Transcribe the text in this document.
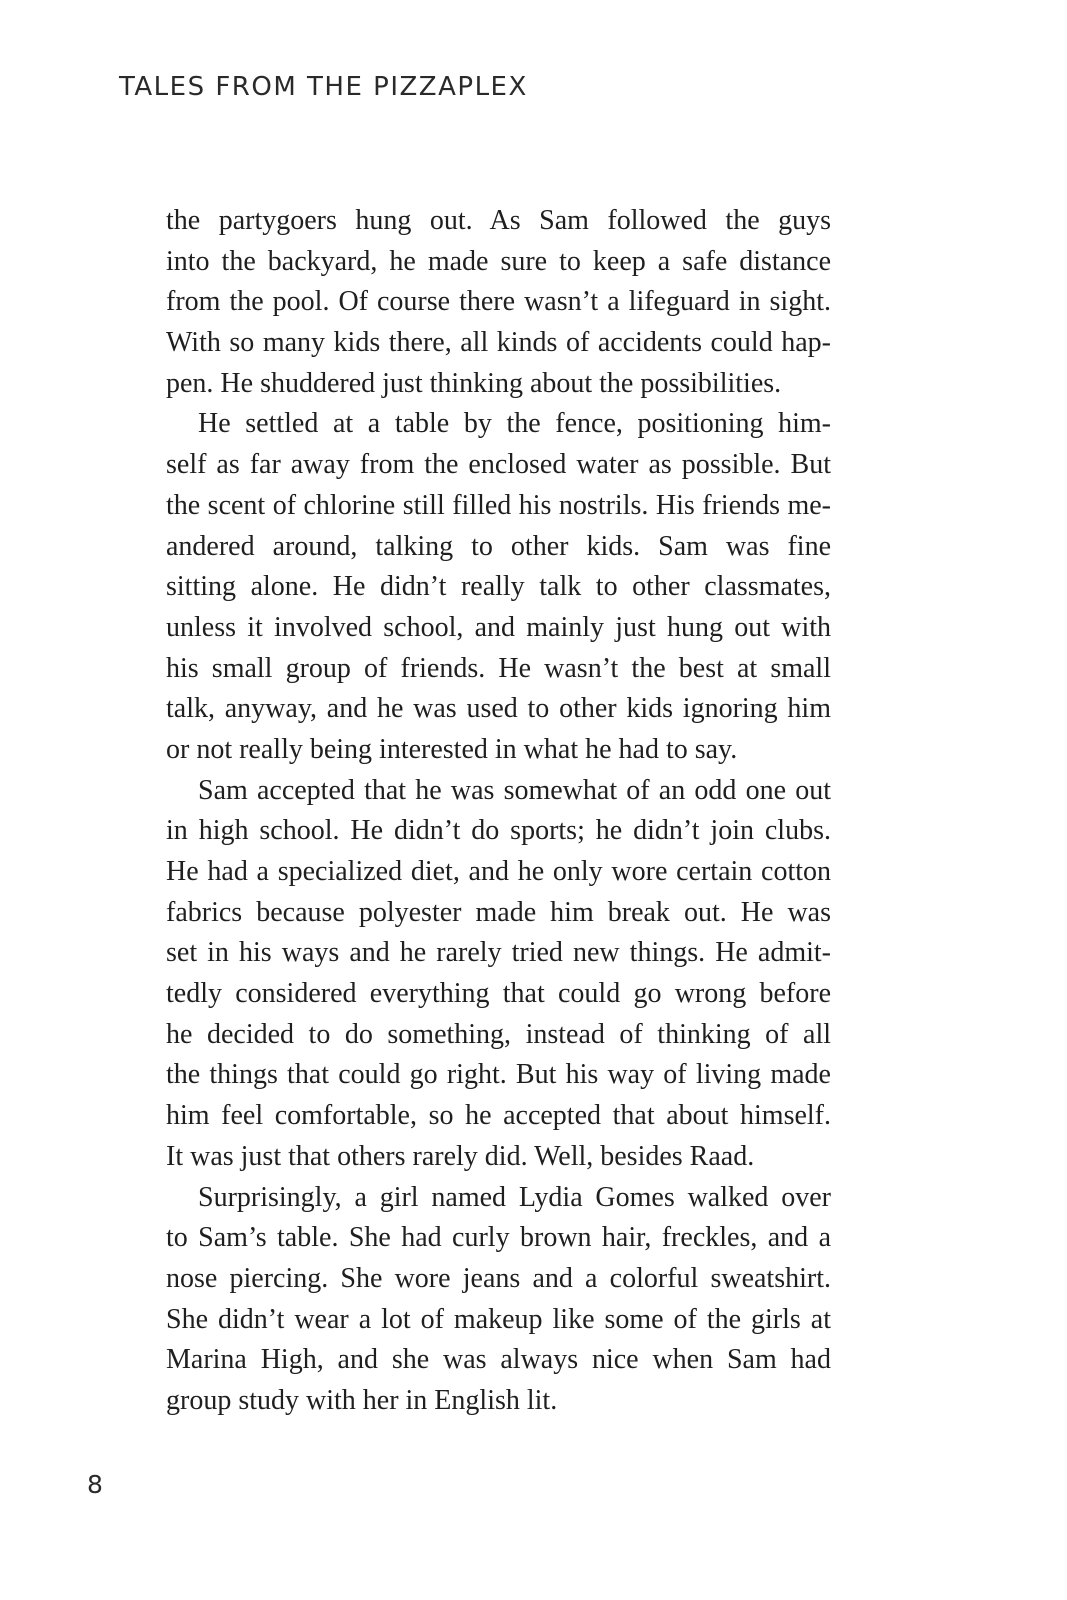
TALES FROM THE PIZZAPLEX
the partygoers hung out. As Sam followed the guys
into the backyard, he made sure to keep a safe distance
from the pool. Of course there wasn’t a lifeguard in sight.
With so many kids there, all kinds of accidents could hap-
pen. He shuddered just thinking about the possibilities.
He settled at a table by the fence, positioning him-
self as far away from the enclosed water as possible. But
the scent of chlorine still filled his nostrils. His friends me-
andered around, talking to other kids. Sam was fine
sitting alone. He didn’t really talk to other classmates,
unless it involved school, and mainly just hung out with
his small group of friends. He wasn’t the best at small
talk, anyway, and he was used to other kids ignoring him
or not really being interested in what he had to say.
Sam accepted that he was somewhat of an odd one out
in high school. He didn’t do sports; he didn’t join clubs.
He had a specialized diet, and he only wore certain cotton
fabrics because polyester made him break out. He was
set in his ways and he rarely tried new things. He admit-
tedly considered everything that could go wrong before
he decided to do something, instead of thinking of all
the things that could go right. But his way of living made
him feel comfortable, so he accepted that about himself.
It was just that others rarely did. Well, besides Raad.
Surprisingly, a girl named Lydia Gomes walked over
to Sam’s table. She had curly brown hair, freckles, and a
nose piercing. She wore jeans and a colorful sweatshirt.
She didn’t wear a lot of makeup like some of the girls at
Marina High, and she was always nice when Sam had
group study with her in English lit.
8
